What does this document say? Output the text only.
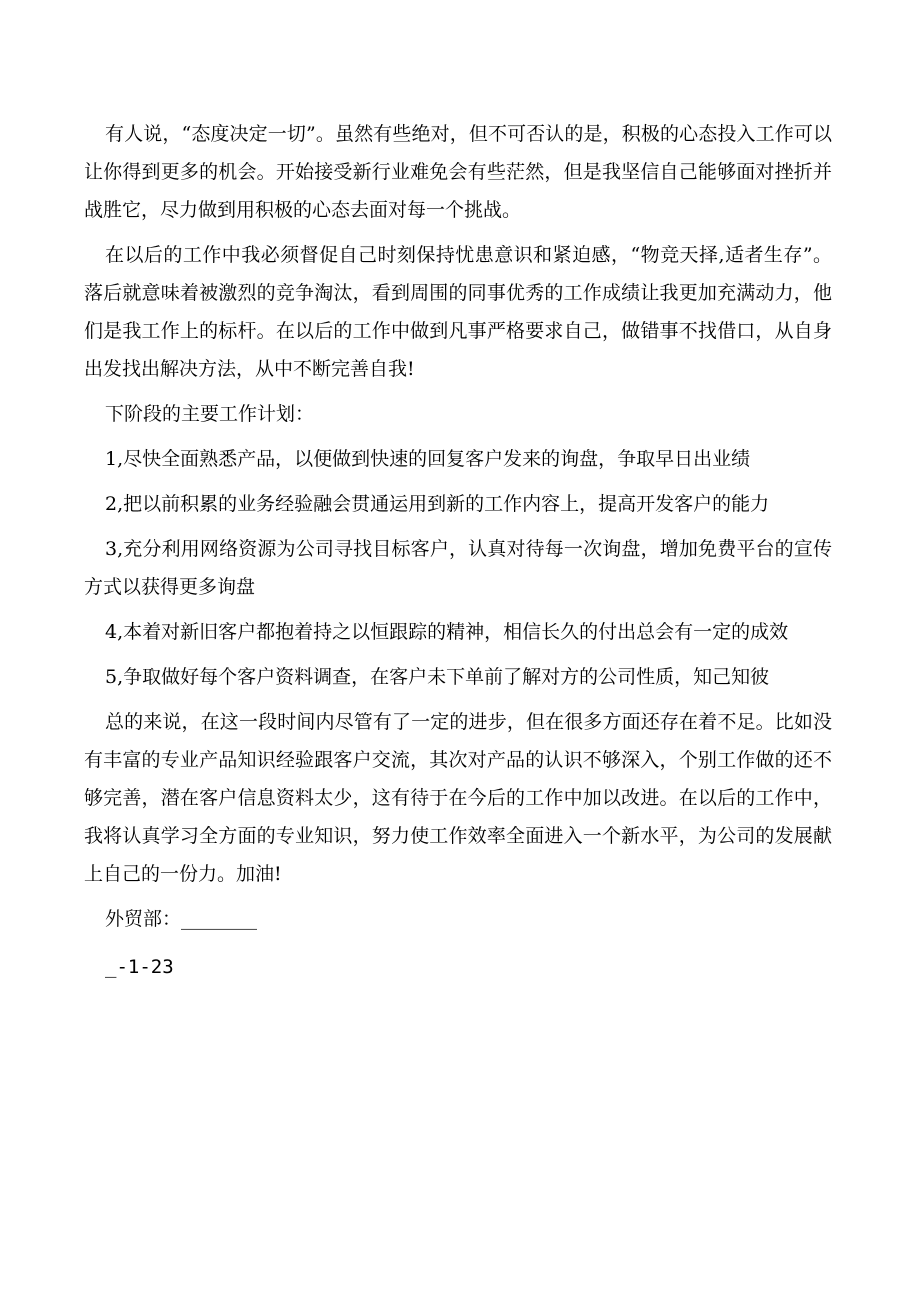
有人说，“态度决定一切”。虽然有些绝对，但不可否认的是，积极的心态投入工作可以让你得到更多的机会。开始接受新行业难免会有些茫然，但是我坚信自己能够面对挫折并战胜它，尽力做到用积极的心态去面对每一个挑战。

在以后的工作中我必须督促自己时刻保持忧患意识和紧迫感，“物竞天择,适者生存”。落后就意味着被激烈的竞争淘汰，看到周围的同事优秀的工作成绩让我更加充满动力，他们是我工作上的标杆。在以后的工作中做到凡事严格要求自己，做错事不找借口，从自身出发找出解决方法，从中不断完善自我!

下阶段的主要工作计划：

1,尽快全面熟悉产品，以便做到快速的回复客户发来的询盘，争取早日出业绩

2,把以前积累的业务经验融会贯通运用到新的工作内容上，提高开发客户的能力

3,充分利用网络资源为公司寻找目标客户，认真对待每一次询盘，增加免费平台的宣传方式以获得更多询盘

4,本着对新旧客户都抱着持之以恒跟踪的精神，相信长久的付出总会有一定的成效

5,争取做好每个客户资料调查，在客户未下单前了解对方的公司性质，知己知彼

总的来说，在这一段时间内尽管有了一定的进步，但在很多方面还存在着不足。比如没有丰富的专业产品知识经验跟客户交流，其次对产品的认识不够深入，个别工作做的还不够完善，潜在客户信息资料太少，这有待于在今后的工作中加以改进。在以后的工作中，我将认真学习全方面的专业知识，努力使工作效率全面进入一个新水平，为公司的发展献上自己的一份力。加油!

外贸部：________

_-1-23
